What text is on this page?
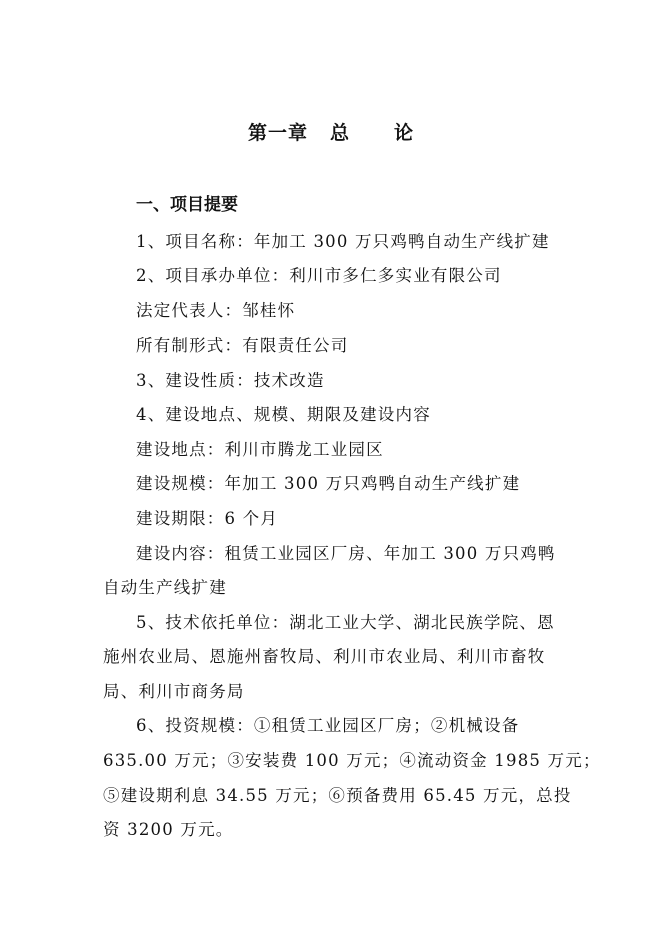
第一章 总 论
一、项目提要
1、项目名称：年加工 300 万只鸡鸭自动生产线扩建
2、项目承办单位：利川市多仁多实业有限公司
法定代表人：邹桂怀
所有制形式：有限责任公司
3、建设性质：技术改造
4、建设地点、规模、期限及建设内容
建设地点：利川市腾龙工业园区
建设规模：年加工 300 万只鸡鸭自动生产线扩建
建设期限：6 个月
建设内容：租赁工业园区厂房、年加工 300 万只鸡鸭
自动生产线扩建
5、技术依托单位：湖北工业大学、湖北民族学院、恩
施州农业局、恩施州畜牧局、利川市农业局、利川市畜牧
局、利川市商务局
6、投资规模：①租赁工业园区厂房；②机械设备
635.00 万元；③安装费 100 万元；④流动资金 1985 万元；
⑤建设期利息 34.55 万元；⑥预备费用 65.45 万元，总投
资 3200 万元。
